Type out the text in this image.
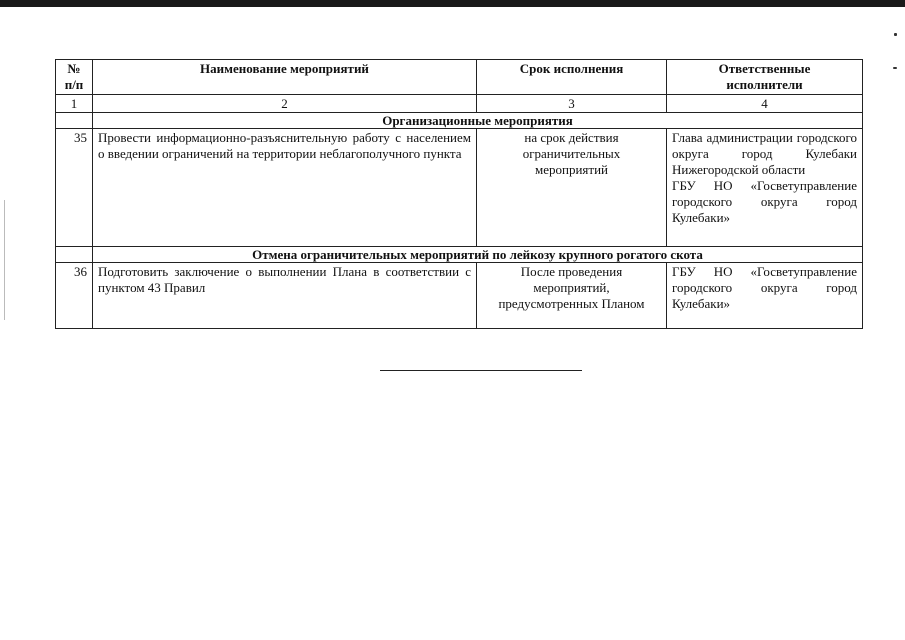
№ п/п	Наименование мероприятий	Срок исполнения	Ответственные исполнители
1	2	3	4
	Организационные мероприятия		
35	Провести информационно-разъяснительную работу с населением о введении ограничений на территории неблагополучного пункта	на срок действия ограничительных мероприятий	Глава администрации городского округа город Кулебаки Нижегородской области
ГБУ НО «Госветуправление городского округа город Кулебаки»
	Отмена ограничительных мероприятий по лейкозу крупного рогатого скота		
36	Подготовить заключение о выполнении Плана в соответствии с пунктом 43 Правил	После проведения мероприятий, предусмотренных Планом	ГБУ НО «Госветуправление городского округа город Кулебаки»
